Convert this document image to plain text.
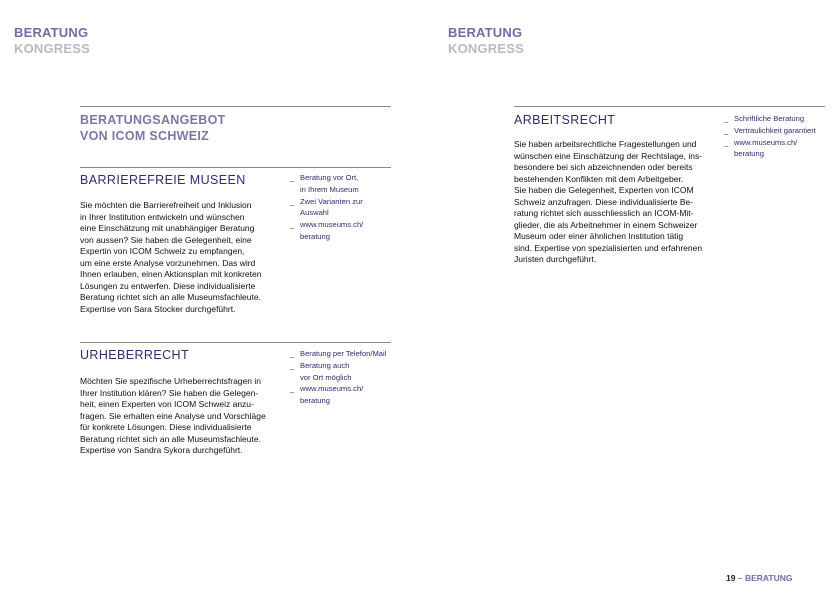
BERATUNG
KONGRESS
BERATUNG
KONGRESS
BERATUNGSANGEBOT
VON ICOM SCHWEIZ
BARRIEREFREIE MUSEEN
Sie möchten die Barrierefreiheit und Inklusion
in Ihrer Institution entwickeln und wünschen
eine Einschätzung mit unabhängiger Beratung
von aussen? Sie haben die Gelegenheit, eine
Expertin von ICOM Schweiz zu empfangen,
um eine erste Analyse vorzunehmen. Das wird
Ihnen erlauben, einen Aktionsplan mit konkreten
Lösungen zu entwerfen. Diese individualisierte
Beratung richtet sich an alle Museumsfachleute.
Expertise von Sara Stocker durchgeführt.
_ Beratung vor Ort,
in Ihrem Museum
_ Zwei Varianten zur
Auswahl
_ www.museums.ch/
beratung
URHEBERRECHT
Möchten Sie spezifische Urheberrechtsfragen in
Ihrer Institution klären? Sie haben die Gelegen-
heit, einen Experten von ICOM Schweiz anzu-
fragen. Sie erhalten eine Analyse und Vorschläge
für konkrete Lösungen. Diese individualisierte
Beratung richtet sich an alle Museumsfachleute.
Expertise von Sandra Sykora durchgeführt.
_ Beratung per Telefon/Mail
_ Beratung auch
vor Ort möglich
_ www.museums.ch/
beratung
ARBEITSRECHT
Sie haben arbeitsrechtliche Fragestellungen und
wünschen eine Einschätzung der Rechtslage, ins-
besondere bei sich abzeichnenden oder bereits
bestehenden Konflikten mit dem Arbeitgeber.
Sie haben die Gelegenheit, Experten von ICOM
Schweiz anzufragen. Diese individualisierte Be-
ratung richtet sich ausschliesslich an ICOM-Mit-
glieder, die als Arbeitnehmer in einem Schweizer
Museum oder einer ähnlichen Institution tätig
sind. Expertise von spezialisierten und erfahrenen
Juristen durchgeführt.
_ Schriftliche Beratung
_ Vertraulichkeit garantiert
_ www.museums.ch/
beratung
19 – BERATUNG
